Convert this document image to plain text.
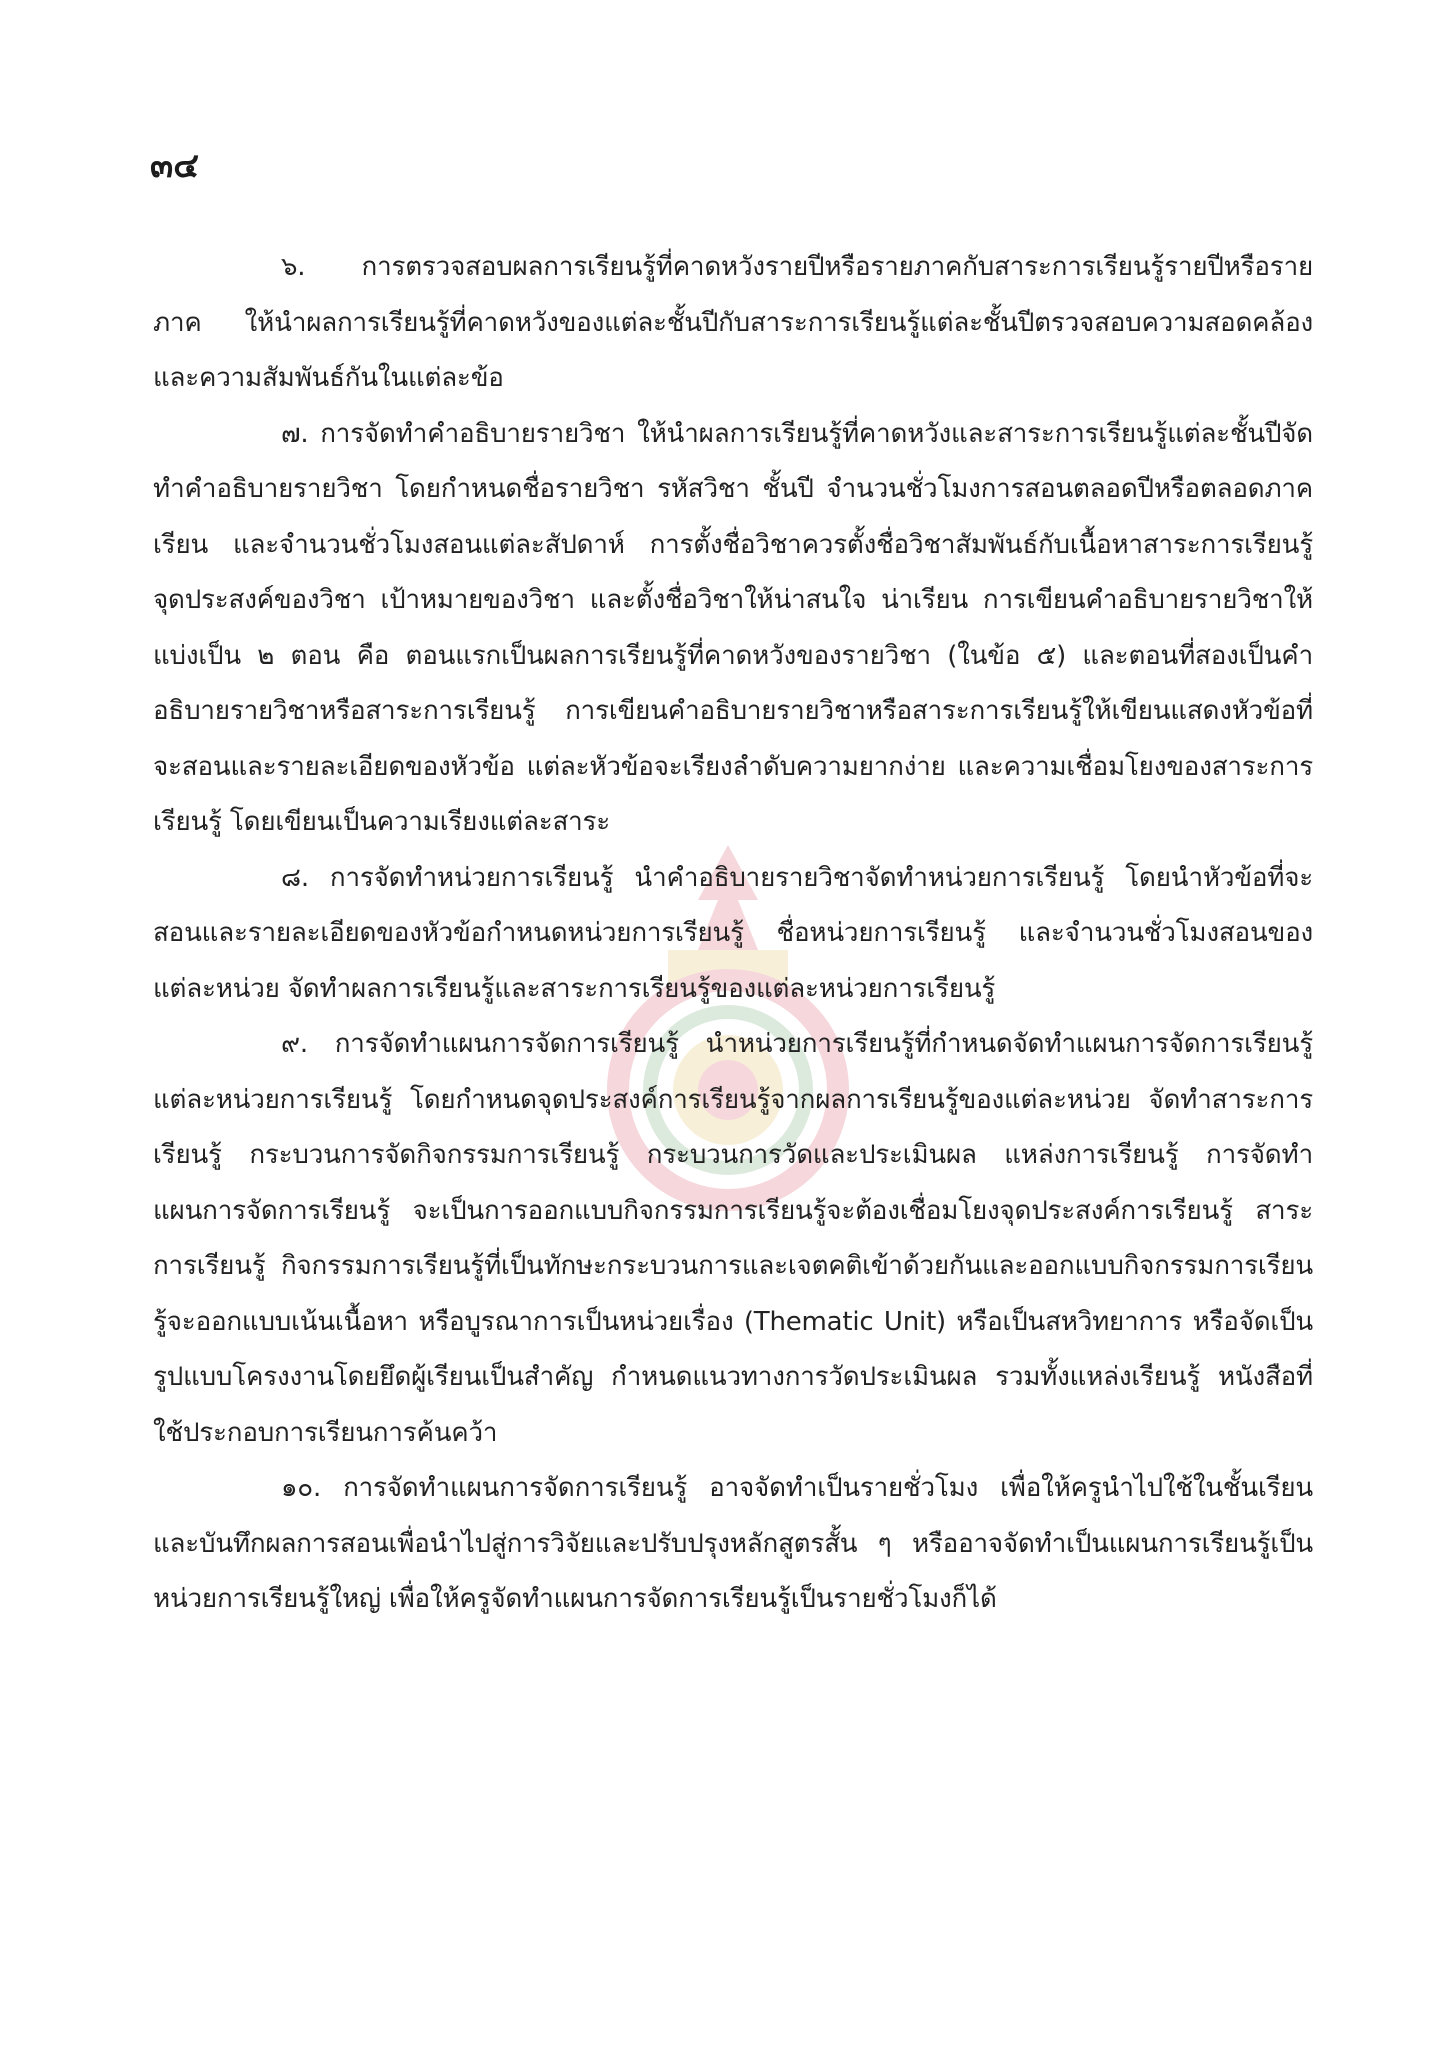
๓๔

๖. การตรวจสอบผลการเรียนรู้ที่คาดหวังรายปีหรือรายภาคกับสาระการเรียนรู้รายปีหรือรายภาค ให้นำผลการเรียนรู้ที่คาดหวังของแต่ละชั้นปีกับสาระการเรียนรู้แต่ละชั้นปีตรวจสอบความสอดคล้องและความสัมพันธ์กันในแต่ละข้อ

๗. การจัดทำคำอธิบายรายวิชา ให้นำผลการเรียนรู้ที่คาดหวังและสาระการเรียนรู้แต่ละชั้นปีจัดทำคำอธิบายรายวิชา โดยกำหนดชื่อรายวิชา รหัสวิชา ชั้นปี จำนวนชั่วโมงการสอนตลอดปีหรือตลอดภาคเรียน และจำนวนชั่วโมงสอนแต่ละสัปดาห์ การตั้งชื่อวิชาควรตั้งชื่อวิชาสัมพันธ์กับเนื้อหาสาระการเรียนรู้ จุดประสงค์ของวิชา เป้าหมายของวิชา และตั้งชื่อวิชาให้น่าสนใจ น่าเรียน การเขียนคำอธิบายรายวิชาให้แบ่งเป็น ๒ ตอน คือ ตอนแรกเป็นผลการเรียนรู้ที่คาดหวังของรายวิชา (ในข้อ ๕) และตอนที่สองเป็นคำอธิบายรายวิชาหรือสาระการเรียนรู้ การเขียนคำอธิบายรายวิชาหรือสาระการเรียนรู้ให้เขียนแสดงหัวข้อที่จะสอนและรายละเอียดของหัวข้อ แต่ละหัวข้อจะเรียงลำดับความยากง่าย และความเชื่อมโยงของสาระการเรียนรู้ โดยเขียนเป็นความเรียงแต่ละสาระ

๘. การจัดทำหน่วยการเรียนรู้ นำคำอธิบายรายวิชาจัดทำหน่วยการเรียนรู้ โดยนำหัวข้อที่จะสอนและรายละเอียดของหัวข้อกำหนดหน่วยการเรียนรู้ ชื่อหน่วยการเรียนรู้ และจำนวนชั่วโมงสอนของแต่ละหน่วย จัดทำผลการเรียนรู้และสาระการเรียนรู้ของแต่ละหน่วยการเรียนรู้

๙. การจัดทำแผนการจัดการเรียนรู้ นำหน่วยการเรียนรู้ที่กำหนดจัดทำแผนการจัดการเรียนรู้แต่ละหน่วยการเรียนรู้ โดยกำหนดจุดประสงค์การเรียนรู้จากผลการเรียนรู้ของแต่ละหน่วย จัดทำสาระการเรียนรู้ กระบวนการจัดกิจกรรมการเรียนรู้ กระบวนการวัดและประเมินผล แหล่งการเรียนรู้ การจัดทำแผนการจัดการเรียนรู้ จะเป็นการออกแบบกิจกรรมการเรียนรู้จะต้องเชื่อมโยงจุดประสงค์การเรียนรู้ สาระการเรียนรู้ กิจกรรมการเรียนรู้ที่เป็นทักษะกระบวนการและเจตคติเข้าด้วยกันและออกแบบกิจกรรมการเรียนรู้จะออกแบบเน้นเนื้อหา หรือบูรณาการเป็นหน่วยเรื่อง (Thematic Unit) หรือเป็นสหวิทยาการ หรือจัดเป็นรูปแบบโครงงานโดยยึดผู้เรียนเป็นสำคัญ กำหนดแนวทางการวัดประเมินผล รวมทั้งแหล่งเรียนรู้ หนังสือที่ใช้ประกอบการเรียนการค้นคว้า

๑๐. การจัดทำแผนการจัดการเรียนรู้ อาจจัดทำเป็นรายชั่วโมง เพื่อให้ครูนำไปใช้ในชั้นเรียนและบันทึกผลการสอนเพื่อนำไปสู่การวิจัยและปรับปรุงหลักสูตรสั้น ๆ หรืออาจจัดทำเป็นแผนการเรียนรู้เป็นหน่วยการเรียนรู้ใหญ่ เพื่อให้ครูจัดทำแผนการจัดการเรียนรู้เป็นรายชั่วโมงก็ได้
